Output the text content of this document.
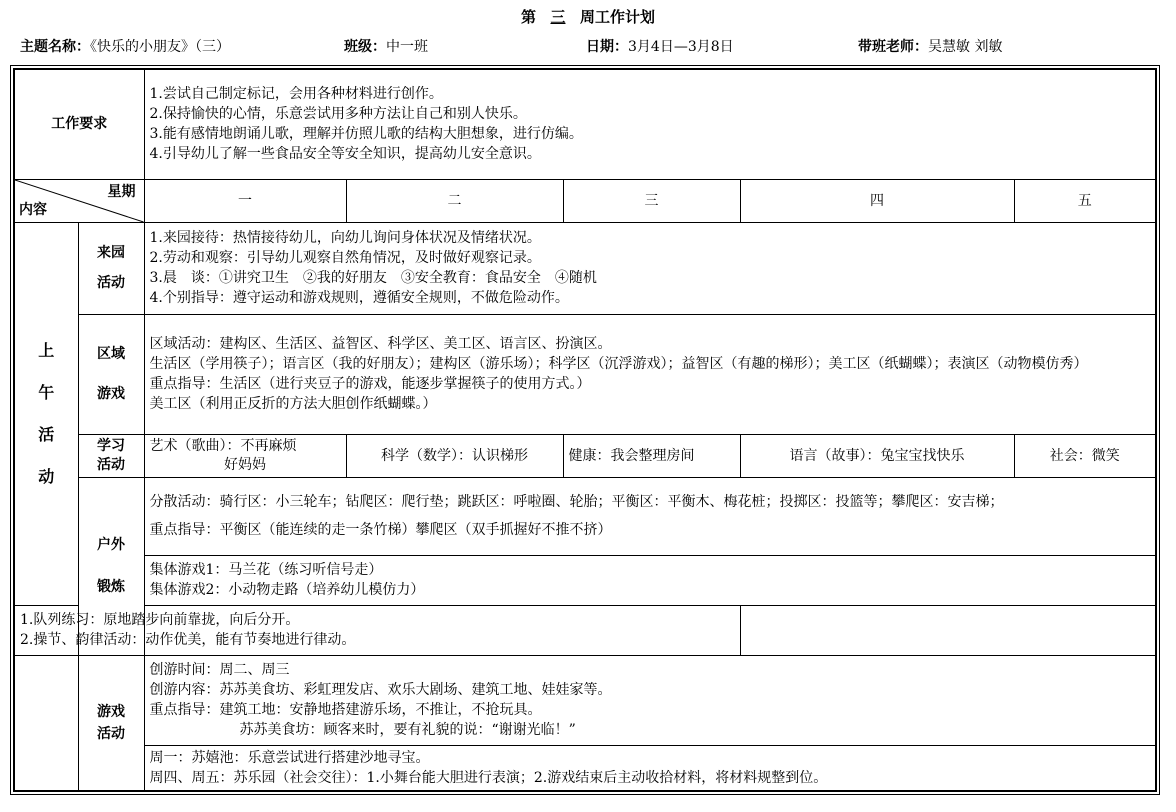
第 三 周工作计划
主题名称：《快乐的小朋友》（三）	班级：中一班	日期：3月4日—3月8日	带班老师：吴慧敏 刘敏
工作要求		1.尝试自己制定标记，会用各种材料进行创作。
2.保持愉快的心情，乐意尝试用多种方法让自己和别人快乐。
3.能有感情地朗诵儿歌，理解并仿照儿歌的结构大胆想象，进行仿编。
4.引导幼儿了解一些食品安全等安全知识，提高幼儿安全意识。				

星期
内容		一	二	三	四	五

上
午
活
动	来园
活动	1.来园接待：热情接待幼儿，向幼儿询问身体状况及情绪状况。
2.劳动和观察：引导幼儿观察自然角情况，及时做好观察记录。
3.晨　谈：①讲究卫生　②我的好朋友　③安全教育：食品安全　④随机
4.个别指导：遵守运动和游戏规则，遵循安全规则，不做危险动作。				

	区域
游戏	区域活动：建构区、生活区、益智区、科学区、美工区、语言区、扮演区。
生活区（学用筷子）；语言区（我的好朋友）；建构区（游乐场）；科学区（沉浮游戏）；益智区（有趣的梯形）；美工区（纸蝴蝶）；表演区（动物模仿秀）
重点指导：生活区（进行夹豆子的游戏，能逐步掌握筷子的使用方式。）
美工区（利用正反折的方法大胆创作纸蝴蝶。）				

	学习
活动	艺术（歌曲）：不再麻烦
好妈妈	科学（数学）：认识梯形	健康：我会整理房间	语言（故事）：兔宝宝找快乐	社会：微笑

	户外
锻炼	分散活动：骑行区：小三轮车；钻爬区：爬行垫；跳跃区：呼啦圈、轮胎；平衡区：平衡木、梅花桩；投掷区：投篮等；攀爬区：安吉梯；
重点指导：平衡区（能连续的走一条竹梯）攀爬区（双手抓握好不推不挤）				

		集体游戏1：马兰花（练习听信号走）
集体游戏2：小动物走路（培养幼儿模仿力）				

1.队列练习：原地踏步向前靠拢，向后分开。
2.操节、韵律活动：动作优美，能有节奏地进行律动。						

	游戏
活动	创游时间：周二、周三
创游内容：苏苏美食坊、彩虹理发店、欢乐大剧场、建筑工地、娃娃家等。
重点指导：建筑工地：安静地搭建游乐场，不推让，不抢玩具。
苏苏美食坊：顾客来时，要有礼貌的说：“谢谢光临！”				

		周一：苏嬉池：乐意尝试进行搭建沙地寻宝。
周四、周五：苏乐园（社会交往）：1.小舞台能大胆进行表演；2.游戏结束后主动收拾材料，将材料规整到位。				
